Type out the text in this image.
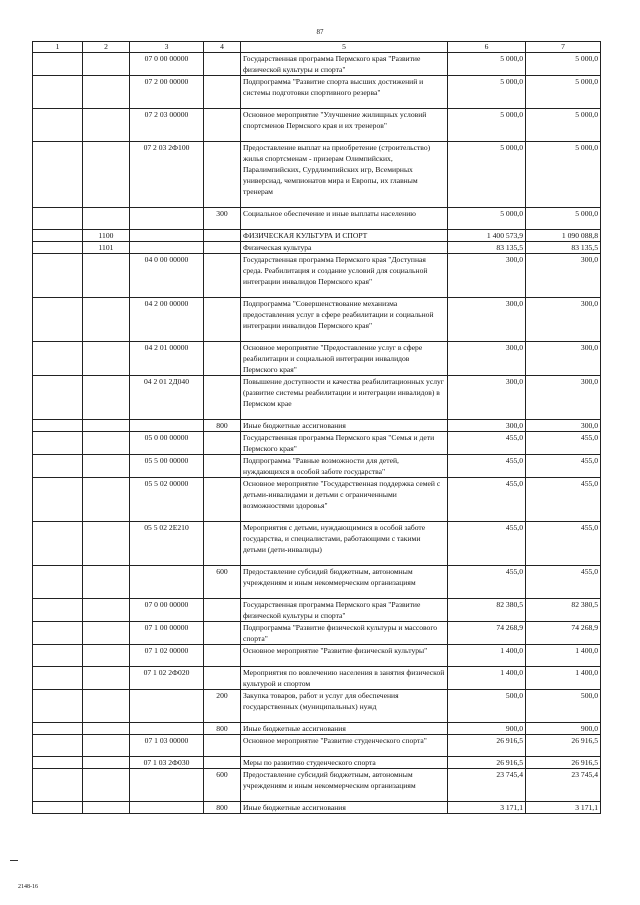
87
1	2	3	4	5	6	7
		07 0 00 00000		Государственная программа Пермского края "Развитие физической культуры и спорта"	5 000,0	5 000,0
		07 2 00 00000		Подпрограмма "Развитие спорта высших достижений и системы подготовки спортивного резерва"	5 000,0	5 000,0
		07 2 03 00000		Основное мероприятие "Улучшение жилищных условий спортсменов Пермского края и их тренеров"	5 000,0	5 000,0
		07 2 03 2Ф100		Предоставление выплат на приобретение (строительство) жилья спортсменам - призерам Олимпийских, Паралимпийских, Сурдлимпийских игр, Всемирных универсиад, чемпионатов мира и Европы, их главным тренерам	5 000,0	5 000,0
			300	Социальное обеспечение и иные выплаты населению	5 000,0	5 000,0
	1100			ФИЗИЧЕСКАЯ КУЛЬТУРА И СПОРТ	1 400 573,9	1 090 088,8
	1101			Физическая культура	83 135,5	83 135,5
		04 0 00 00000		Государственная программа Пермского края "Доступная среда. Реабилитация и создание условий для социальной интеграции инвалидов Пермского края"	300,0	300,0
		04 2 00 00000		Подпрограмма "Совершенствование механизма предоставления услуг в сфере реабилитации и социальной интеграции инвалидов Пермского края"	300,0	300,0
		04 2 01 00000		Основное мероприятие "Предоставление услуг в сфере реабилитации и социальной интеграции инвалидов Пермского края"	300,0	300,0
		04 2 01 2Д040		Повышение доступности и качества реабилитационных услуг (развитие системы реабилитации и интеграции инвалидов) в Пермском крае	300,0	300,0
			800	Иные бюджетные ассигнования	300,0	300,0
		05 0 00 00000		Государственная программа Пермского края "Семья и дети Пермского края"	455,0	455,0
		05 5 00 00000		Подпрограмма "Равные возможности для детей, нуждающихся в особой заботе государства"	455,0	455,0
		05 5 02 00000		Основное мероприятие "Государственная поддержка семей с детьми-инвалидами и детьми с ограниченными возможностями здоровья"	455,0	455,0
		05 5 02 2Е210		Мероприятия с детьми, нуждающимися в особой заботе государства, и специалистами, работающими с такими детьми (дети-инвалиды)	455,0	455,0
			600	Предоставление субсидий бюджетным, автономным учреждениям и иным некоммерческим организациям	455,0	455,0
		07 0 00 00000		Государственная программа Пермского края "Развитие физической культуры и спорта"	82 380,5	82 380,5
		07 1 00 00000		Подпрограмма "Развитие физической культуры и массового спорта"	74 268,9	74 268,9
		07 1 02 00000		Основное мероприятие "Развитие физической культуры"	1 400,0	1 400,0
		07 1 02 2Ф020		Мероприятия по вовлечению населения в занятия физической культурой и спортом	1 400,0	1 400,0
			200	Закупка товаров, работ и услуг для обеспечения государственных (муниципальных) нужд	500,0	500,0
			800	Иные бюджетные ассигнования	900,0	900,0
		07 1 03 00000		Основное мероприятие "Развитие студенческого спорта"	26 916,5	26 916,5
		07 1 03 2Ф030		Меры по развитию студенческого спорта	26 916,5	26 916,5
			600	Предоставление субсидий бюджетным, автономным учреждениям и иным некоммерческим организациям	23 745,4	23 745,4
			800	Иные бюджетные ассигнования	3 171,1	3 171,1
2148-16
